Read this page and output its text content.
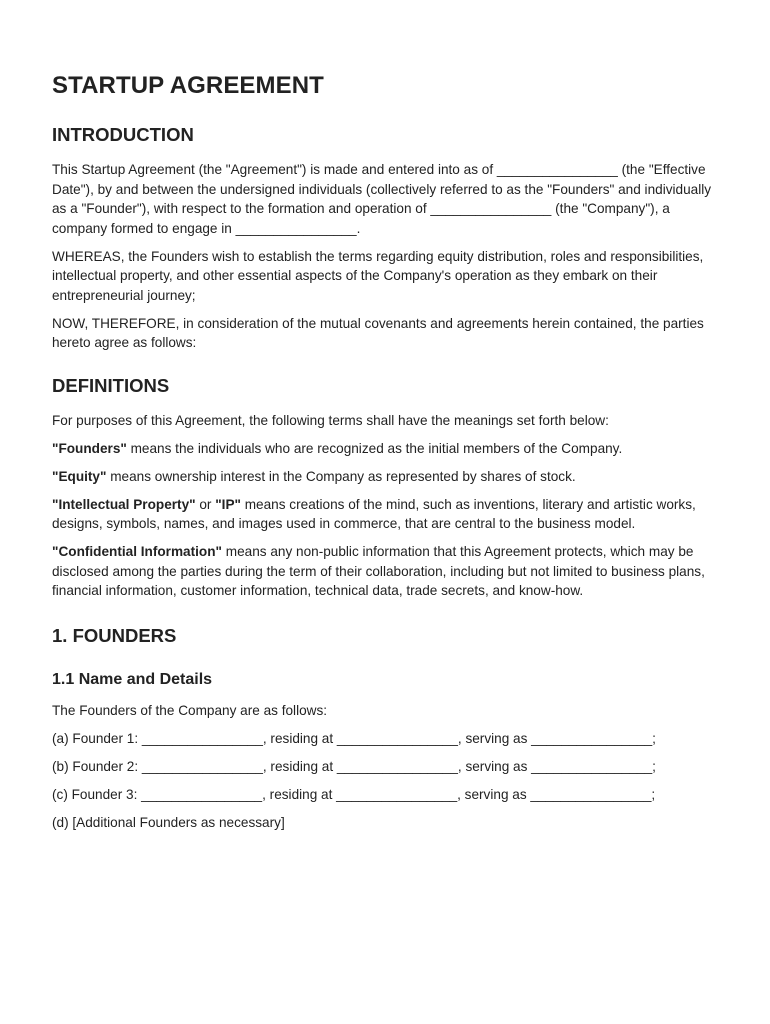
STARTUP AGREEMENT
INTRODUCTION

This Startup Agreement (the "Agreement") is made and entered into as of ________________ (the "Effective Date"), by and between the undersigned individuals (collectively referred to as the "Founders" and individually as a "Founder"), with respect to the formation and operation of ________________ (the "Company"), a company formed to engage in ________________.

WHEREAS, the Founders wish to establish the terms regarding equity distribution, roles and responsibilities, intellectual property, and other essential aspects of the Company's operation as they embark on their entrepreneurial journey;

NOW, THEREFORE, in consideration of the mutual covenants and agreements herein contained, the parties hereto agree as follows:

DEFINITIONS

For purposes of this Agreement, the following terms shall have the meanings set forth below:

"Founders" means the individuals who are recognized as the initial members of the Company.

"Equity" means ownership interest in the Company as represented by shares of stock.

"Intellectual Property" or "IP" means creations of the mind, such as inventions, literary and artistic works, designs, symbols, names, and images used in commerce, that are central to the business model.

"Confidential Information" means any non-public information that this Agreement protects, which may be disclosed among the parties during the term of their collaboration, including but not limited to business plans, financial information, customer information, technical data, trade secrets, and know-how.

1. FOUNDERS
1.1 Name and Details

The Founders of the Company are as follows:

(a) Founder 1: ________________, residing at ________________, serving as ________________;

(b) Founder 2: ________________, residing at ________________, serving as ________________;

(c) Founder 3: ________________, residing at ________________, serving as ________________;

(d) [Additional Founders as necessary]
